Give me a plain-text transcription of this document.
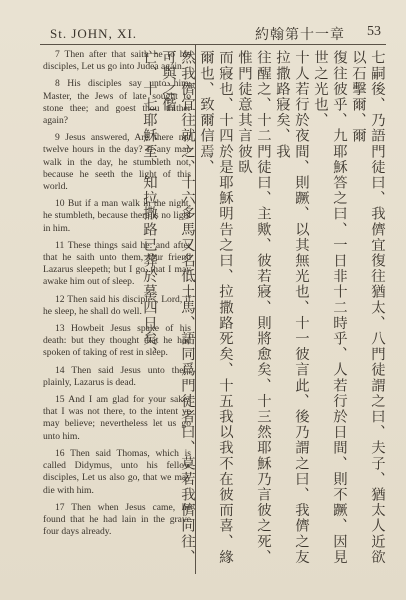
St. JOHN, XI.	約翰第十一章 53

7 Then after that saith he to his disciples, Let us go into Judea again.

8 His disciples say unto him, Master, the Jews of late sought to stone thee; and goest thou thither again?

9 Jesus answered, Are there not twelve hours in the day? If any man walk in the day, he stumbleth not, because he seeth the light of this world.

10 But if a man walk in the night, he stumbleth, because there is no light in him.

11 These things said he: and after that he saith unto them, Our friend Lazarus sleepeth; but I go, that I may awake him out of sleep.

12 Then said his disciples, Lord, if he sleep, he shall do well.

13 Howbeit Jesus spake of his death: but they thought that he had spoken of taking of rest in sleep.

14 Then said Jesus unto them plainly, Lazarus is dead.

15 And I am glad for your sakes that I was not there, to the intent ye may believe; nevertheless let us go unto him.

16 Then said Thomas, which is called Didymus, unto his fellow disciples, Let us also go, that we may die with him.

17 Then when Jesus came, he found that he had lain in the grave four days already.	七嗣後、乃語門徒曰、我儕宜復往猶太、八門徒謂之曰、夫子、猶太人近欲以石擊爾、爾
復往彼乎、九耶穌答之曰、一日非十二時乎、人若行於日間、則不蹶、因見世之光也、
十人若行於夜間、則蹶、以其無光也、十一彼言此、後乃謂之曰、我儕之友拉撒路寢矣、我
往醒之、十二門徒曰、主歟、彼若寢、則將愈矣、十三然耶穌乃言彼之死、惟門徒意其言彼臥
而寢也、十四於是耶穌明告之曰、拉撒路死矣、十五我以我不在彼而喜、緣爾也、致爾信焉、
然我儕宜往就之、十六多馬又名低土馬、語同爲門徒者曰、莫若我儕同往、可與之偕
亡、十七耶穌至、知拉撒路已葬於墓四日矣、
